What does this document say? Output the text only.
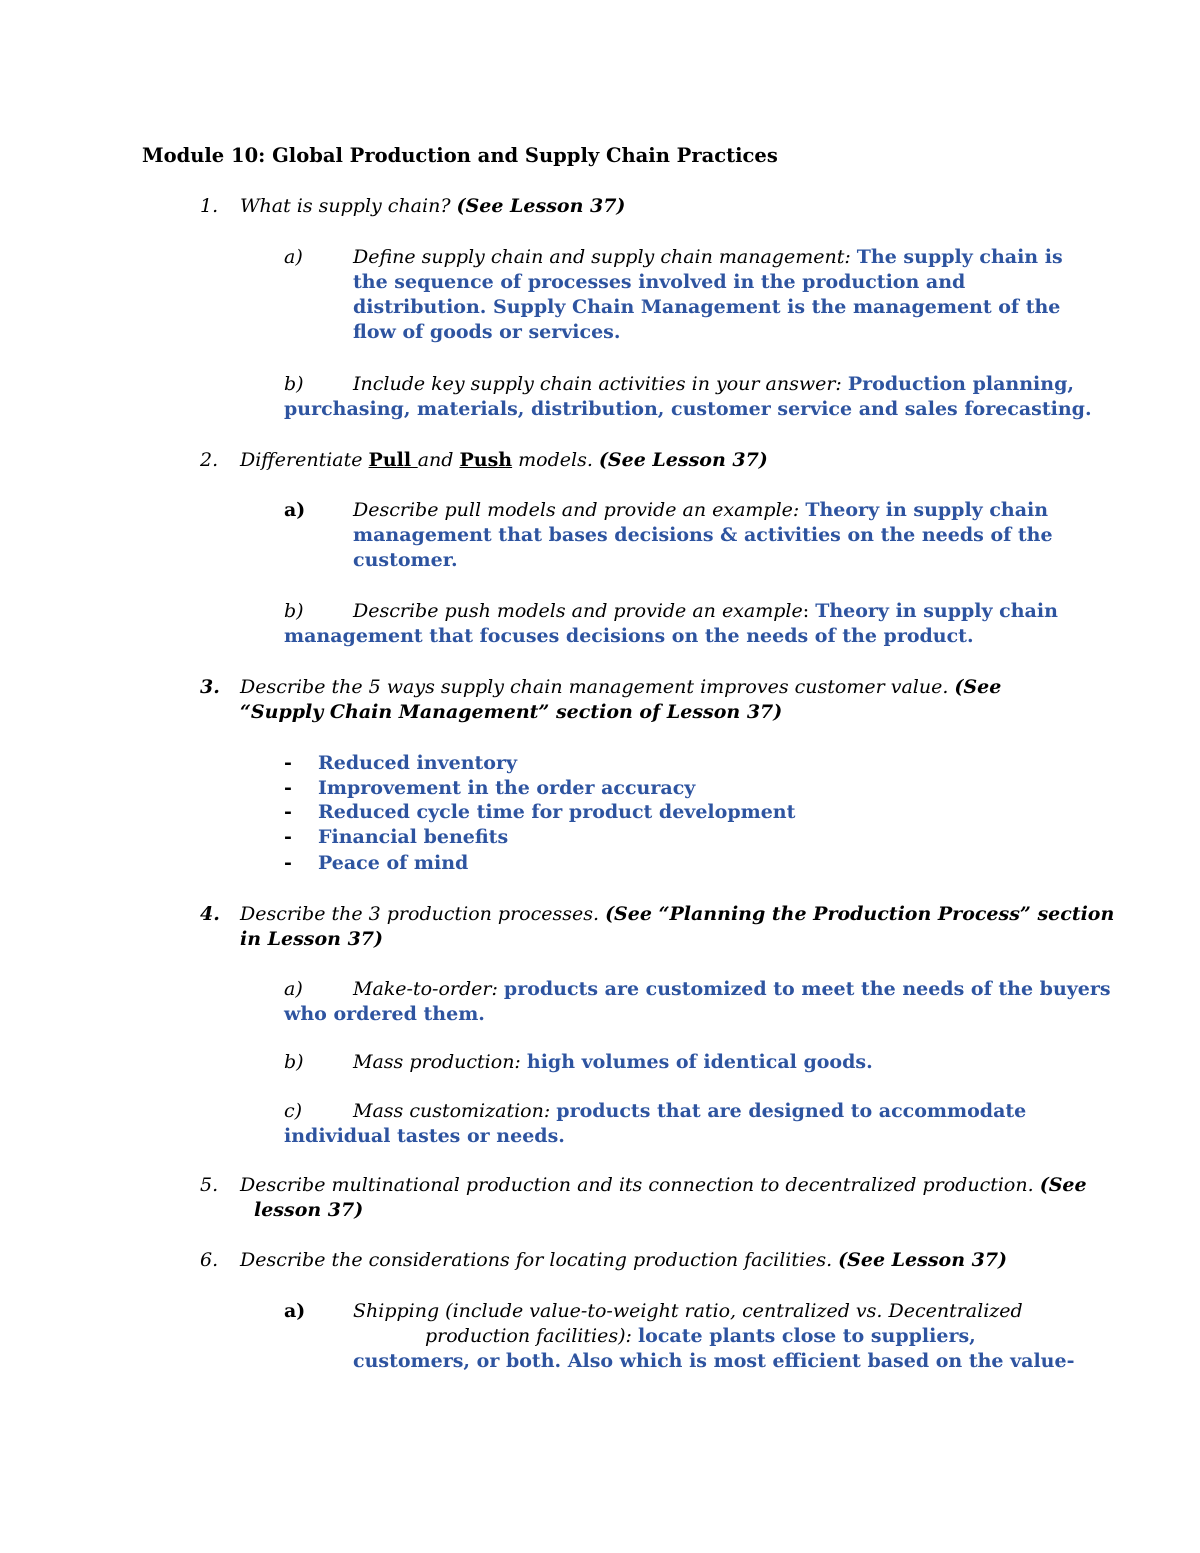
Module 10: Global Production and Supply Chain Practices
1. What is supply chain? (See Lesson 37)
a)	Define supply chain and supply chain management: The supply chain is
the sequence of processes involved in the production and
distribution. Supply Chain Management is the management of the
flow of goods or services.
b)	Include key supply chain activities in your answer: Production planning,
purchasing, materials, distribution, customer service and sales forecasting.
2. Differentiate Pull and Push models. (See Lesson 37)
a)	Describe pull models and provide an example: Theory in supply chain
management that bases decisions & activities on the needs of the
customer.
b)	Describe push models and provide an example: Theory in supply chain
management that focuses decisions on the needs of the product.
3. Describe the 5 ways supply chain management improves customer value. (See
“Supply Chain Management” section of Lesson 37)
- Reduced inventory
- Improvement in the order accuracy
- Reduced cycle time for product development
- Financial benefits
- Peace of mind
4. Describe the 3 production processes. (See “Planning the Production Process” section
in Lesson 37)
a)	Make-to-order: products are customized to meet the needs of the buyers
who ordered them.
b)	Mass production: high volumes of identical goods.
c)	Mass customization: products that are designed to accommodate
individual tastes or needs.
5. Describe multinational production and its connection to decentralized production. (See
lesson 37)
6. Describe the considerations for locating production facilities. (See Lesson 37)
a)	Shipping (include value-to-weight ratio, centralized vs. Decentralized
production facilities): locate plants close to suppliers,
customers, or both. Also which is most efficient based on the value-
